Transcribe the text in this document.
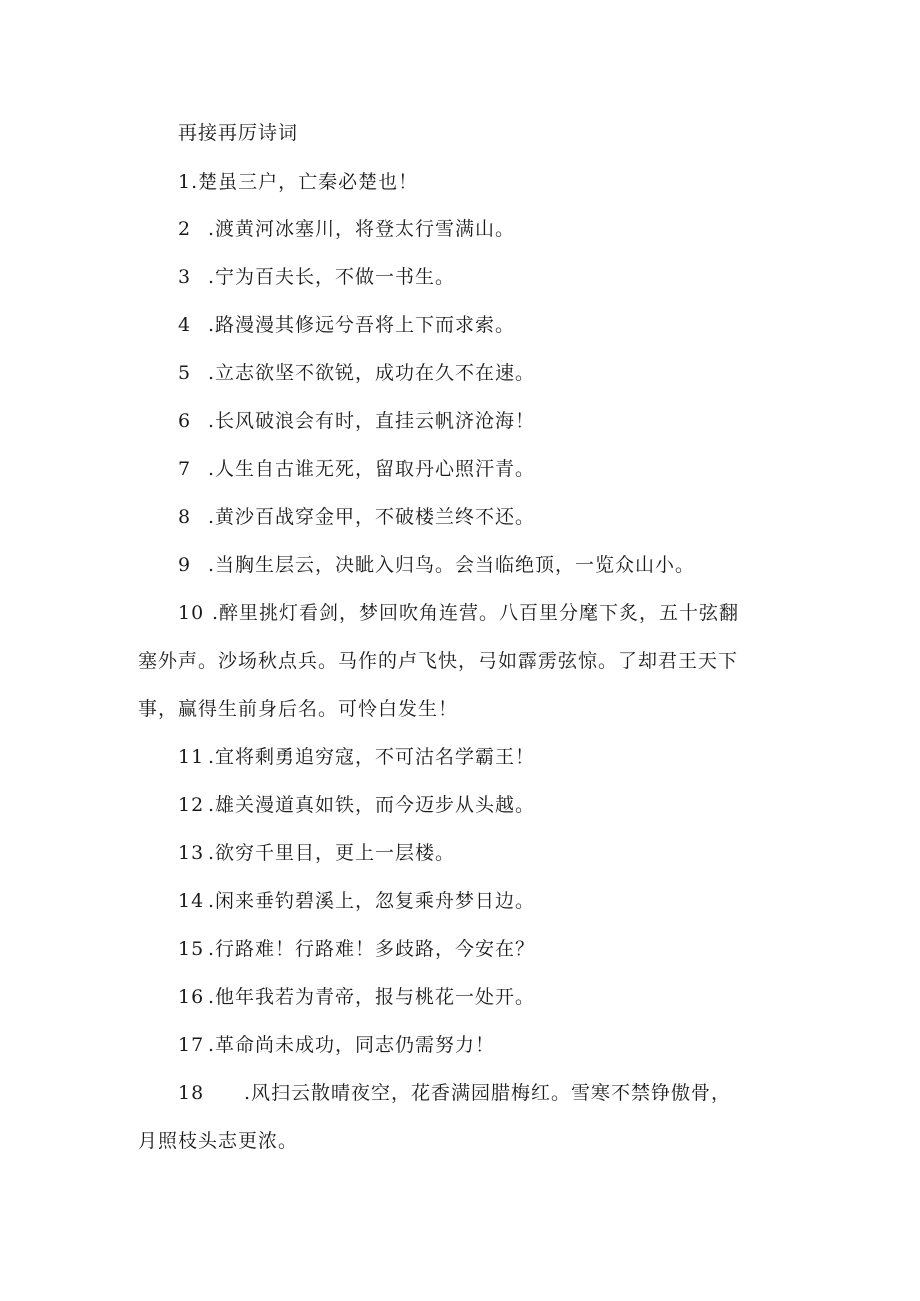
再接再厉诗词
1.楚虽三户，亡秦必楚也！
2 .渡黄河冰塞川，将登太行雪满山。
3 .宁为百夫长，不做一书生。
4 .路漫漫其修远兮吾将上下而求索。
5 .立志欲坚不欲锐，成功在久不在速。
6 .长风破浪会有时，直挂云帆济沧海！
7 .人生自古谁无死，留取丹心照汗青。
8 .黄沙百战穿金甲，不破楼兰终不还。
9 .当胸生层云，决眦入归鸟。会当临绝顶，一览众山小。
10 .醉里挑灯看剑，梦回吹角连营。八百里分麾下炙，五十弦翻
塞外声。沙场秋点兵。马作的卢飞快，弓如霹雳弦惊。了却君王天下
事，赢得生前身后名。可怜白发生！
11 .宜将剩勇追穷寇，不可沽名学霸王！
12 .雄关漫道真如铁，而今迈步从头越。
13 .欲穷千里目，更上一层楼。
14 .闲来垂钓碧溪上，忽复乘舟梦日边。
15 .行路难！行路难！多歧路，今安在？
16 .他年我若为青帝，报与桃花一处开。
17 .革命尚未成功，同志仍需努力！
18 .风扫云散晴夜空，花香满园腊梅红。雪寒不禁铮傲骨，
月照枝头志更浓。
